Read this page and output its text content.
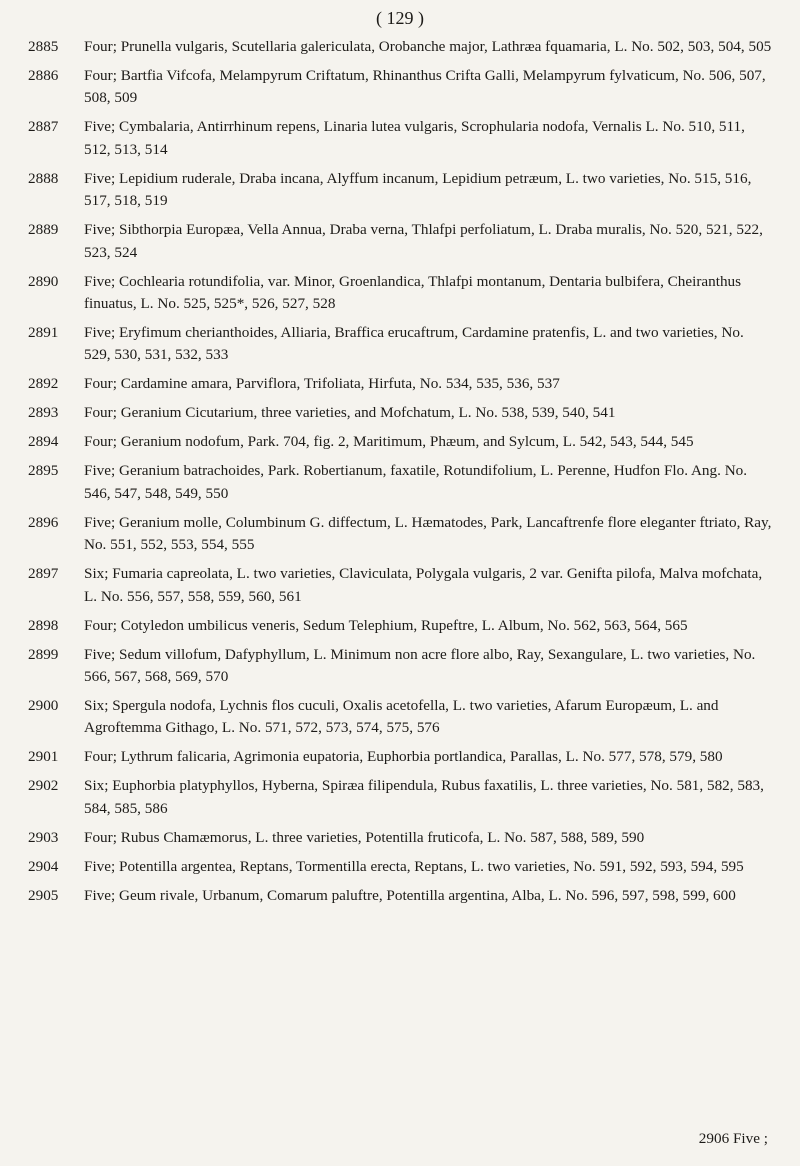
( 129 )
2885	Four; Prunella vulgaris, Scutellaria galericulata, Orobanche major, Lathræa fquamaria, L. No. 502, 503, 504, 505
2886	Four; Bartfia Vifcofa, Melampyrum Criftatum, Rhinanthus Crifta Galli, Melampyrum fylvaticum, No. 506, 507, 508, 509
2887	Five; Cymbalaria, Antirrhinum repens, Linaria lutea vulgaris, Scrophularia nodofa, Vernalis L. No. 510, 511, 512, 513, 514
2888	Five; Lepidium ruderale, Draba incana, Alyffum incanum, Lepidium petræum, L. two varieties, No. 515, 516, 517, 518, 519
2889	Five; Sibthorpia Europæa, Vella Annua, Draba verna, Thlafpi perfoliatum, L. Draba muralis, No. 520, 521, 522, 523, 524
2890	Five; Cochlearia rotundifolia, var. Minor, Groenlandica, Thlafpi montanum, Dentaria bulbifera, Cheiranthus finuatus, L. No. 525, 525*, 526, 527, 528
2891	Five; Eryfimum cherianthoides, Alliaria, Braffica erucaftrum, Cardamine pratenfis, L. and two varieties, No. 529, 530, 531, 532, 533
2892	Four; Cardamine amara, Parviflora, Trifoliata, Hirfuta, No. 534, 535, 536, 537
2893	Four; Geranium Cicutarium, three varieties, and Mofchatum, L. No. 538, 539, 540, 541
2894	Four; Geranium nodofum, Park. 704, fig. 2, Maritimum, Phæum, and Sylcum, L. 542, 543, 544, 545
2895	Five; Geranium batrachoides, Park. Robertianum, faxatile, Rotundifolium, L. Perenne, Hudfon Flo. Ang. No. 546, 547, 548, 549, 550
2896	Five; Geranium molle, Columbinum G. diffectum, L. Hæmatodes, Park, Lancaftrenfe flore eleganter ftriato, Ray, No. 551, 552, 553, 554, 555
2897	Six; Fumaria capreolata, L. two varieties, Claviculata, Polygala vulgaris, 2 var. Genifta pilofa, Malva mofchata, L. No. 556, 557, 558, 559, 560, 561
2898	Four; Cotyledon umbilicus veneris, Sedum Telephium, Rupeftre, L. Album, No. 562, 563, 564, 565
2899	Five; Sedum villofum, Dafyphyllum, L. Minimum non acre flore albo, Ray, Sexangulare, L. two varieties, No. 566, 567, 568, 569, 570
2900	Six; Spergula nodofa, Lychnis flos cuculi, Oxalis acetofella, L. two varieties, Afarum Europæum, L. and Agroftemma Githago, L. No. 571, 572, 573, 574, 575, 576
2901	Four; Lythrum falicaria, Agrimonia eupatoria, Euphorbia portlandica, Parallas, L. No. 577, 578, 579, 580
2902	Six; Euphorbia platyphyllos, Hyberna, Spiræa filipendula, Rubus faxatilis, L. three varieties, No. 581, 582, 583, 584, 585, 586
2903	Four; Rubus Chamæmorus, L. three varieties, Potentilla fruticofa, L. No. 587, 588, 589, 590
2904	Five; Potentilla argentea, Reptans, Tormentilla erecta, Reptans, L. two varieties, No. 591, 592, 593, 594, 595
2905	Five; Geum rivale, Urbanum, Comarum paluftre, Potentilla argentina, Alba, L. No. 596, 597, 598, 599, 600
2906 Five ;
